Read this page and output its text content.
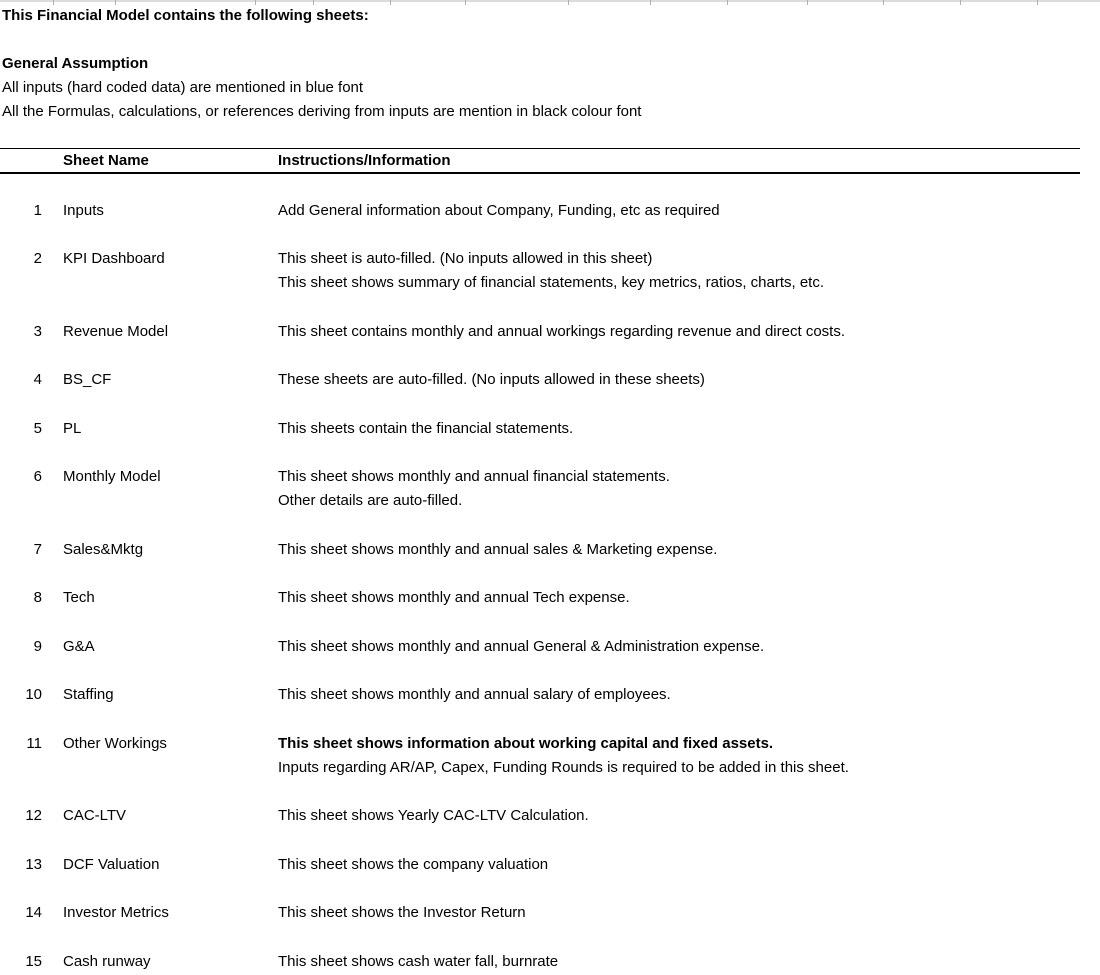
This Financial Model contains the following sheets:
General Assumption
All inputs (hard coded data) are mentioned in blue font
All the Formulas, calculations, or references deriving from inputs are mention in black colour font
Sheet Name	Instructions/Information
1 Inputs	Add General information about Company, Funding, etc as required
2 KPI Dashboard	This sheet is auto-filled. (No inputs allowed in this sheet)
This sheet shows summary of financial statements, key metrics, ratios, charts, etc.
3 Revenue Model	This sheet contains monthly and annual workings regarding revenue and direct costs.
4 BS_CF	These sheets are auto-filled. (No inputs allowed in these sheets)
5 PL	This sheets contain the financial statements.
6 Monthly Model	This sheet shows monthly and annual financial statements.
Other details are auto-filled.
7 Sales&Mktg	This sheet shows monthly and annual sales & Marketing expense.
8 Tech	This sheet shows monthly and annual Tech expense.
9 G&A	This sheet shows monthly and annual General & Administration expense.
10 Staffing	This sheet shows monthly and annual salary of employees.
11 Other Workings	This sheet shows information about working capital and fixed assets.
Inputs regarding AR/AP, Capex, Funding Rounds is required to be added in this sheet.
12 CAC-LTV	This sheet shows Yearly CAC-LTV Calculation.
13 DCF Valuation	This sheet shows the company valuation
14 Investor Metrics	This sheet shows the Investor Return
15 Cash runway	This sheet shows cash water fall, burnrate
